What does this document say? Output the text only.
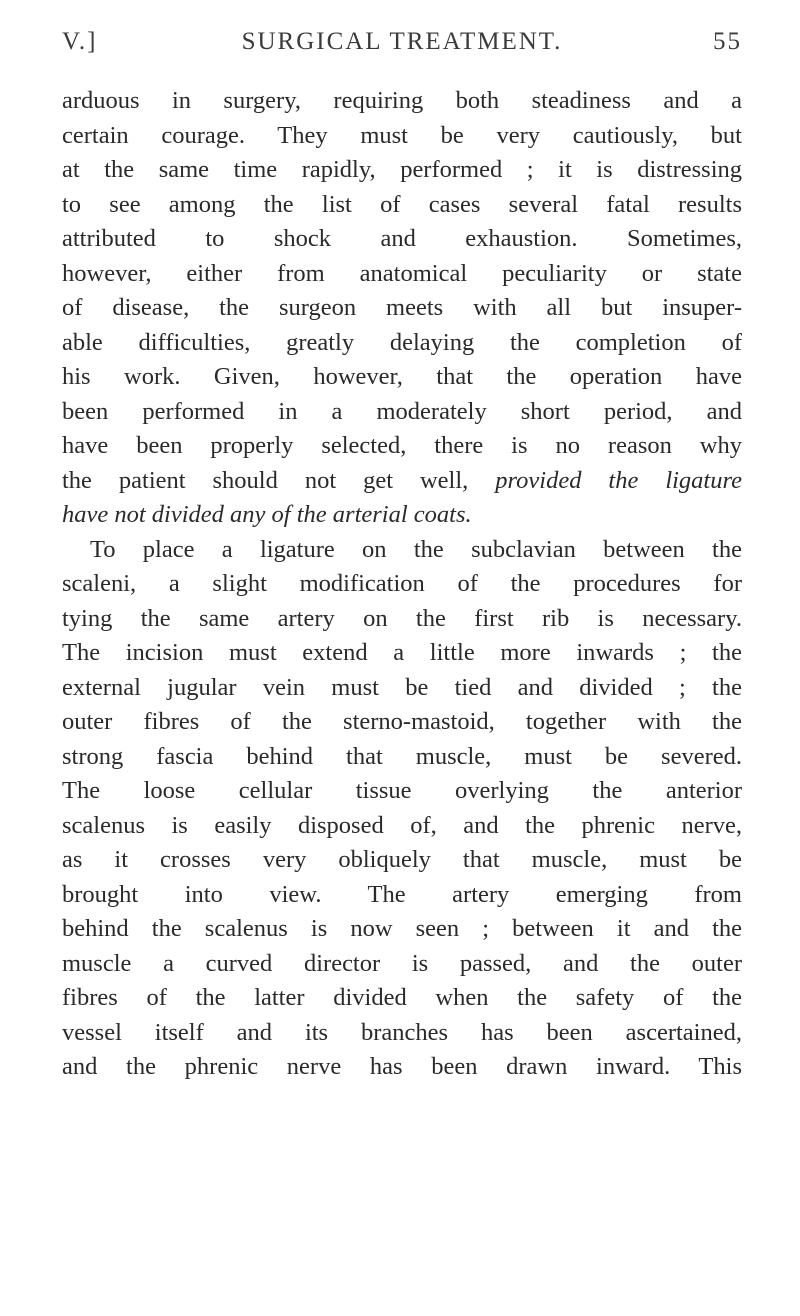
V.]	SURGICAL TREATMENT.	55

arduous in surgery, requiring both steadiness and a
certain courage. They must be very cautiously, but
at the same time rapidly, performed ; it is distressing
to see among the list of cases several fatal results
attributed to shock and exhaustion. Sometimes,
however, either from anatomical peculiarity or state
of disease, the surgeon meets with all but insuper-
able difficulties, greatly delaying the completion of
his work. Given, however, that the operation have
been performed in a moderately short period, and
have been properly selected, there is no reason why
the patient should not get well, provided the ligature
have not divided any of the arterial coats.

To place a ligature on the subclavian between the
scaleni, a slight modification of the procedures for
tying the same artery on the first rib is necessary.
The incision must extend a little more inwards ; the
external jugular vein must be tied and divided ; the
outer fibres of the sterno-mastoid, together with the
strong fascia behind that muscle, must be severed.
The loose cellular tissue overlying the anterior
scalenus is easily disposed of, and the phrenic nerve,
as it crosses very obliquely that muscle, must be
brought into view. The artery emerging from
behind the scalenus is now seen ; between it and the
muscle a curved director is passed, and the outer
fibres of the latter divided when the safety of the
vessel itself and its branches has been ascertained,
and the phrenic nerve has been drawn inward. This
